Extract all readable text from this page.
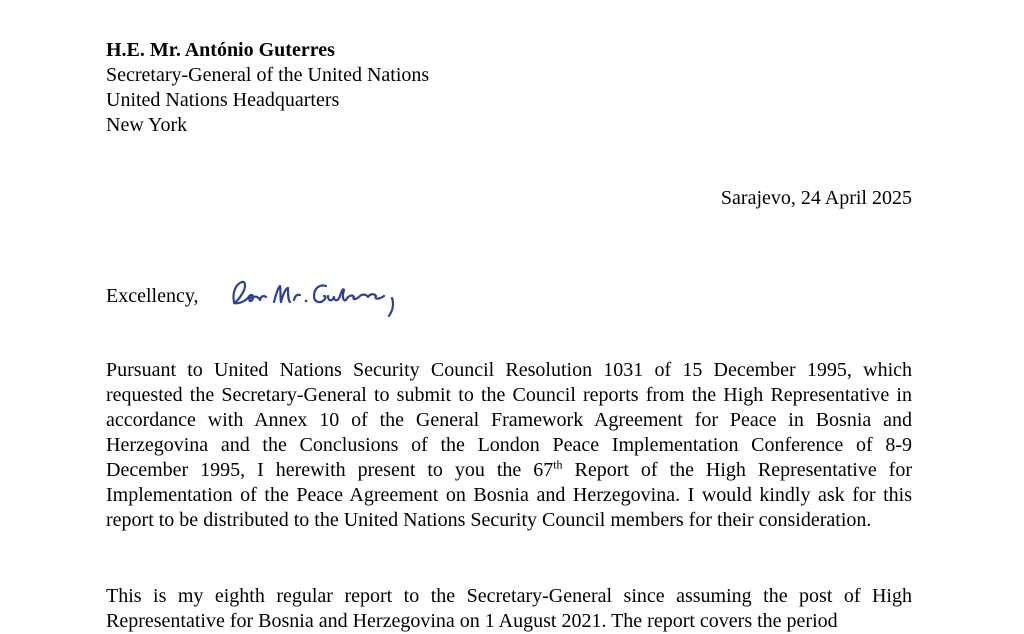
H.E. Mr. António Guterres
Secretary-General of the United Nations
United Nations Headquarters
New York
Sarajevo, 24 April 2025
Excellency,
Pursuant to United Nations Security Council Resolution 1031 of 15 December 1995, which requested the Secretary-General to submit to the Council reports from the High Representative in accordance with Annex 10 of the General Framework Agreement for Peace in Bosnia and Herzegovina and the Conclusions of the London Peace Implementation Conference of 8-9 December 1995, I herewith present to you the 67th Report of the High Representative for Implementation of the Peace Agreement on Bosnia and Herzegovina. I would kindly ask for this report to be distributed to the United Nations Security Council members for their consideration.
This is my eighth regular report to the Secretary-General since assuming the post of High Representative for Bosnia and Herzegovina on 1 August 2021. The report covers the period
